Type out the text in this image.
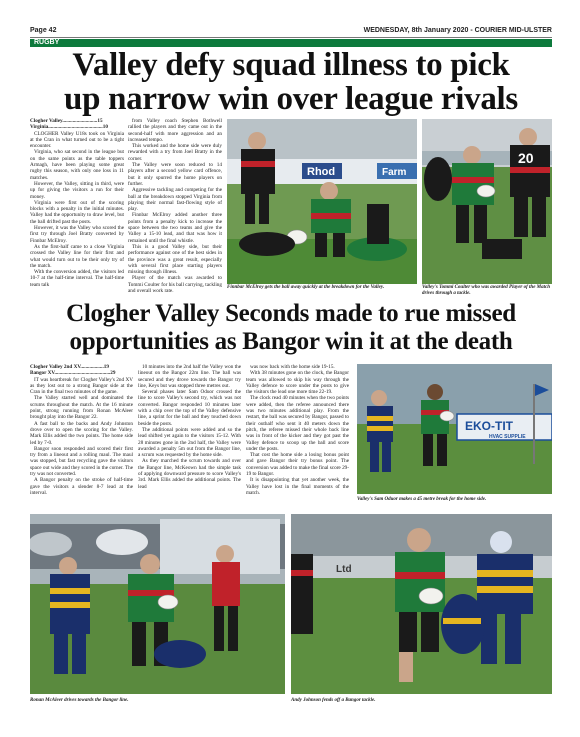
Page 42	WEDNESDAY, 8th January 2020 - COURIER MID-ULSTER
RUGBY
Valley defy squad illness to pick
up narrow win over league rivals

Clogher Valley...........................15

Virginia..........................................10

CLOGHER Valley U18s took on Virginia at the Cran in what turned out to be a tight encounter.

Virginia, who sat second in the league but on the same points as the table toppers Armagh, have been playing some great rugby this season, with only one loss in 11 matches.

However, the Valley, sitting in third, were up for giving the visitors a run for their money.

Virginia were first out of the scoring blocks with a penalty in the initial minutes. Valley had the opportunity to draw level, but the ball drifted past the posts.

However, it was the Valley who scored the first try through Joel Bratty converted by Finnbar McElroy.

As the first-half came to a close Virginia crossed the Valley line for their first and what would turn out to be their only try of the match.

With the conversion added, the visitors led 10-7 at the half-time interval. The half-time team talk

from Valley coach Stephen Bothwell rallied the players and they came out in the second-half with more aggression and an increased tempo.

This worked and the home side were duly rewarded with a try from Joel Bratty in the corner.

The Valley were soon reduced to 14 players after a second yellow card offence, but it only spurred the home players on further.

Aggressive tackling and competing for the ball at the breakdown stopped Virginia from playing their normal fast-flowing style of play.

Finnbar McElroy added another three points from a penalty kick to increase the space between the two teams and give the Valley a 15-10 lead, and that was how it remained until the final whistle.

This is a good Valley side, but their performance against one of the best sides in the province was a great result, especially with several first place starting players missing through illness.

Player of the match was awarded to Tommi Coulter for his ball carrying, tackling and overall work rate.

Rhod	Farm
Finnbar McElroy gets the ball away quickly at the breakdown for the Valley.
20
Valley's Tommi Coulter who was awarded Player of the Match drives through a tackle.
Clogher Valley Seconds made to rue missed
opportunities as Bangor win it at the death

Clogher Valley 2nd XV..................19

Bangor XV...........................................29

IT was heartbreak for Clogher Valley's 2nd XV as they lost out to a strong Bangor side at the Cran in the final two minutes of the game.

The Valley started well and dominated the scrums throughout the match. At the 16 minute point, strong running from Ronan McAleer brought play into the Bangor 22.

A fast ball to the backs and Andy Johnston drove over to open the scoring for the Valley. Mark Ellis added the two points. The home side led by 7-0.

Bangor soon responded and scored their first try from a lineout and a rolling maul. The maul was stopped, but fast recycling gave the visitors space out wide and they scored in the corner. The try was not converted.

A Bangor penalty on the stroke of half-time gave the visitors a slender 8-7 lead at the interval.

10 minutes into the 2nd half the Valley won the lineout on the Bangor 22m line. The ball was secured and they drove towards the Bangor try line, Keys but was stopped three metres out.

Several phases later Sam Oduor crossed the line to score Valley's second try, which was not converted. Bangor responded 10 minutes later with a chip over the top of the Valley defensive line, a sprint for the ball and they touched down beside the posts.

The additional points were added and so the lead shifted yet again to the visitors 15-12. With 28 minutes gone in the 2nd half, the Valley were awarded a penalty 5m out from the Bangor line, a scrum was requested by the home side.

As they marched the scrum towards and over the Bangor line, McKeown had the simple task of applying downward pressure to score Valley's 3rd. Mark Ellis added the additional points. The lead

was now back with the home side 19-15.

With 38 minutes gone on the clock, the Bangor team was allowed to skip his way through the Valley defence to score under the posts to give the visitors the lead one more time 22-19.

The clock read 40 minutes when the two points were added, then the referee announced there was two minutes additional play. From the restart, the ball was secured by Bangor, passed to their outhalf who sent it 40 meters down the pitch, the referee missed their whole back line was in front of the kicker and they got past the Valley defence to scoop up the ball and score under the posts.

That cost the home side a losing bonus point and gave Bangor their try bonus point. The conversion was added to make the final score 29-19 to Bangor.

It is disappointing that yet another week, the Valley have lost in the final moments of the match.

EKO-TIT
HVAC SUPPLIE
Valley's Sam Oduor makes a 45 metre break for the home side.
Ronan McAleer drives towards the Bangor line.
Ltd
Andy Johnson fends off a Bangor tackle.
